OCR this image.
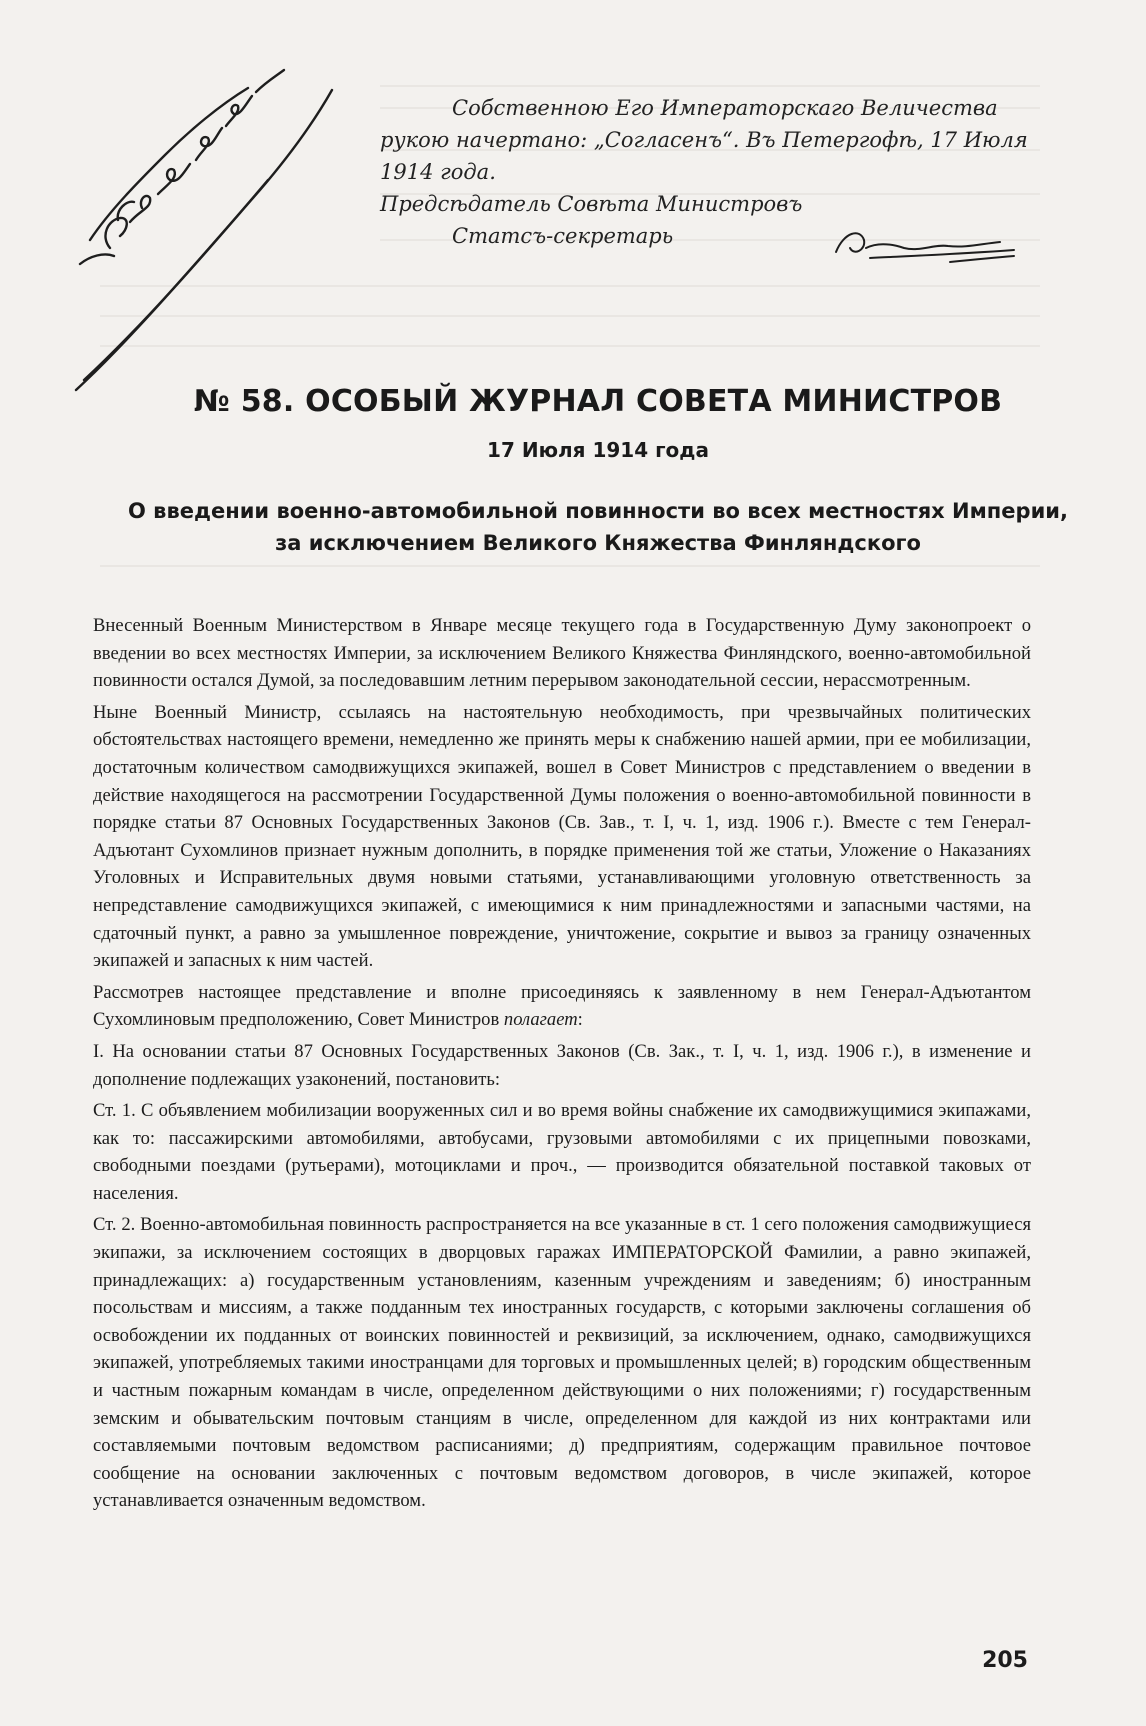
Собственною Его Императорскаго Величества
рукою начертано: „Согласенъ“. Въ Петергофѣ, 17 Июля
1914 года.
Предсѣдатель Совѣта Министровъ
Статсъ-секретарь
№ 58. ОСОБЫЙ ЖУРНАЛ СОВЕТА МИНИСТРОВ
17 Июля 1914 года
О введении военно-автомобильной повинности во всех местностях Империи,
за исключением Великого Княжества Финляндского

Внесенный Военным Министерством в Январе месяце текущего года в Государственную Думу законопроект о введении во всех местностях Империи, за исключением Великого Княжества Финляндского, военно-автомобильной повинности остался Думой, за последовавшим летним перерывом законодательной сессии, нерассмотренным.

Ныне Военный Министр, ссылаясь на настоятельную необходимость, при чрезвычайных политических обстоятельствах настоящего времени, немедленно же принять меры к снабжению нашей армии, при ее мобилизации, достаточным количеством самодвижущихся экипажей, вошел в Совет Министров с представлением о введении в действие находящегося на рассмотрении Государственной Думы положения о военно-автомобильной повинности в порядке статьи 87 Основных Государственных Законов (Св. Зав., т. I, ч. 1, изд. 1906 г.). Вместе с тем Генерал-Адъютант Сухомлинов признает нужным дополнить, в порядке применения той же статьи, Уложение о Наказаниях Уголовных и Исправительных двумя новыми статьями, устанавливающими уголовную ответственность за непредставление самодвижущихся экипажей, с имеющимися к ним принадлежностями и запасными частями, на сдаточный пункт, а равно за умышленное повреждение, уничтожение, сокрытие и вывоз за границу означенных экипажей и запасных к ним частей.

Рассмотрев настоящее представление и вполне присоединяясь к заявленному в нем Генерал-Адъютантом Сухомлиновым предположению, Совет Министров полагает:

I. На основании статьи 87 Основных Государственных Законов (Св. Зак., т. I, ч. 1, изд. 1906 г.), в изменение и дополнение подлежащих узаконений, постановить:

Ст. 1. С объявлением мобилизации вооруженных сил и во время войны снабжение их самодвижущимися экипажами, как то: пассажирскими автомобилями, автобусами, грузовыми автомобилями с их прицепными повозками, свободными поездами (рутьерами), мотоциклами и проч., — производится обязательной поставкой таковых от населения.

Ст. 2. Военно-автомобильная повинность распространяется на все указанные в ст. 1 сего положения самодвижущиеся экипажи, за исключением состоящих в дворцовых гаражах ИМПЕРАТОРСКОЙ Фамилии, а равно экипажей, принадлежащих: а) государственным установлениям, казенным учреждениям и заведениям; б) иностранным посольствам и миссиям, а также подданным тех иностранных государств, с которыми заключены соглашения об освобождении их подданных от воинских повинностей и реквизиций, за исключением, однако, самодвижущихся экипажей, употребляемых такими иностранцами для торговых и промышленных целей; в) городским общественным и частным пожарным командам в числе, определенном действующими о них положениями; г) государственным земским и обывательским почтовым станциям в числе, определенном для каждой из них контрактами или составляемыми почтовым ведомством расписаниями; д) предприятиям, содержащим правильное почтовое сообщение на основании заключенных с почтовым ведомством договоров, в числе экипажей, которое устанавливается означенным ведомством.

205
